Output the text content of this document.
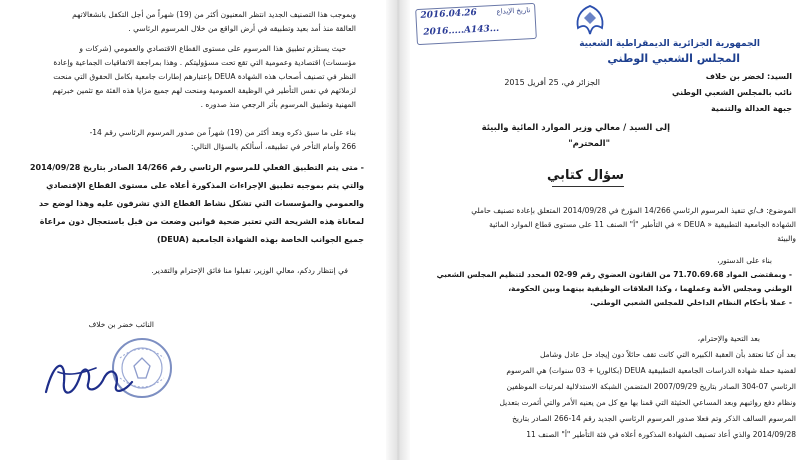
وبموجب هذا التصنيف الجديد انتظر المعنيون أكثر من (19) شهراً من أجل التكفل بانشغالاتهم
العالقة منذ أمد بعيد وتطبيقه في أرض الواقع من خلال المرسوم الرئاسي .
حيث يستلزم تطبيق هذا المرسوم على مستوى القطاع الاقتصادي والعمومي (شركات و
مؤسسات) اقتصادية وعمومية التي تقع تحت مسؤوليتكم . وهذا بمراجعة الاتفاقيات الجماعية وإعادة
النظر في تصنيف أصحاب هذه الشهادة DEUA بإعتبارهم إطارات جامعية بكامل الحقوق التي منحت
لزملائهم في نفس التأطير في الوظيفة العمومية ومنحت لهم جميع مزايا هذه الفئة مع تثمين خبرتهم
المهنية وتطبيق المرسوم بأثر الرجعي منذ صدوره .
بناء على ما سبق ذكره وبعد أكثر من (19) شهراً من صدور المرسوم الرئاسي رقم 14-
266 وأمام التأخر في تطبيقه، أسألكم بالسؤال التالي:
- متى يتم التطبيق الفعلي للمرسوم الرئاسي رقم 14/266 الصادر بتاريخ 2014/09/28
والتي يتم بموجبه تطبيق الإجراءات المذكورة أعلاه على مستوى القطاع الإقتصادي
والعمومي والمؤسسات التي تشكل نشاط القطاع الذي تشرفون عليه وهذا لوضع حد
لمعاناة هذه الشريحة التي تعتبر ضحية قوانين وضعت من قبل باستعجال دون مراعاة
جميع الجوانب الخاصة بهذه الشهادة الجامعية (DEUA)
في إنتظار ردكم، معالي الوزير، تقبلوا منا فائق الإحترام والتقدير.
النائب خضر بن خلاف
الجمهورية الجزائرية الديمقراطية الشعبية
المجلس الشعبي الوطني
تاريخ الإيداع
2016.04.26
2016.....A143...
الجزائر في، 25 أفريل 2015
السيد: لخضر بن خلاف
نائب بالمجلس الشعبي الوطني
جبهة العدالة والتنمية
إلى السيد / معالي وزير الموارد المائية والبيئة
"المحترم"
سؤال كتابي
الموضوع: ف/ي تنفيذ المرسوم الرئاسي 14/266 المؤرخ في 2014/09/28 المتعلق بإعادة تصنيف حاملي
الشهادة الجامعية التطبيقية « DEUA » في التأطير "أ" الصنف 11 على مستوى قطاع الموارد المائية
والبيئة
بناء على الدستور،
- وبمقتضى المواد 71.70.69.68 من القانون العضوي رقم 99-02 المحدد لتنظيم المجلس الشعبي
الوطني ومجلس الأمة وعملهما ، وكذا العلاقات الوظيفية بينهما وبين الحكومة،
- عملا بأحكام النظام الداخلي للمجلس الشعبي الوطني.
بعد التحية والإحترام،
بعد أن كنا نعتقد بأن العقبة الكبيرة التي كانت تقف حائلاً دون إيجاد حل عادل وشامل
لقضية حملة شهادة الدراسات الجامعية التطبيقية DEUA (بكالوريا + 03 سنوات) هي المرسوم
الرئاسي 07-304 الصادر بتاريخ 2007/09/29 المتضمن الشبكة الاستدلالية لمرتبات الموظفين
ونظام دفع رواتبهم وبعد المساعي الحثيثة التي قمنا بها مع كل من يعنيه الأمر والتي أثمرت بتعديل
المرسوم السالف الذكر وتم فعلا صدور المرسوم الرئاسي الجديد رقم 14-266 الصادر بتاريخ
2014/09/28 والذي أعاد تصنيف الشهادة المذكورة أعلاه في فئة التأطير "أ" الصنف 11
